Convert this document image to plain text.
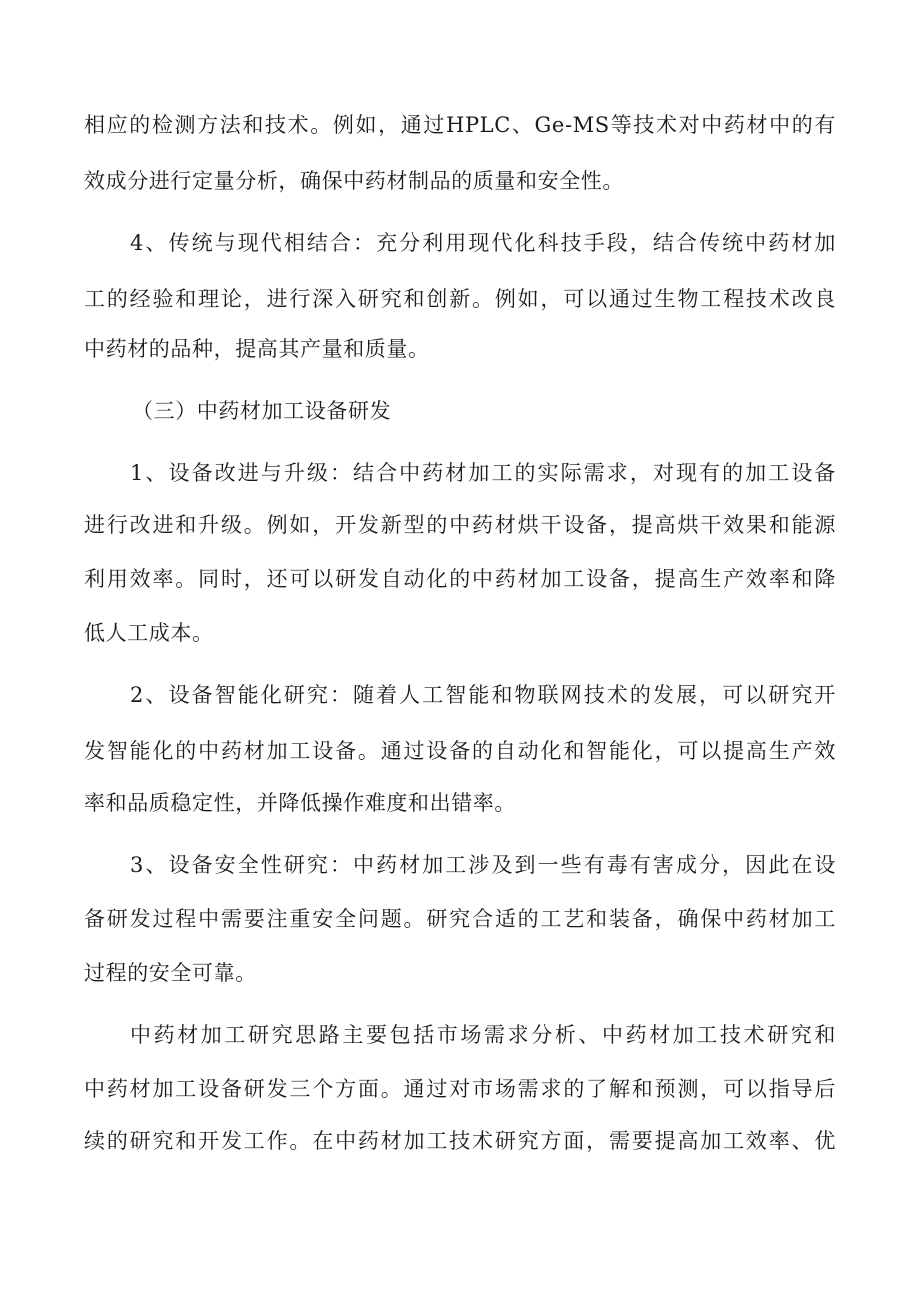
相应的检测方法和技术。例如，通过HPLC、Ge-MS等技术对中药材中的有
效成分进行定量分析，确保中药材制品的质量和安全性。
4、传统与现代相结合：充分利用现代化科技手段，结合传统中药材加
工的经验和理论，进行深入研究和创新。例如，可以通过生物工程技术改良
中药材的品种，提高其产量和质量。
（三）中药材加工设备研发
1、设备改进与升级：结合中药材加工的实际需求，对现有的加工设备
进行改进和升级。例如，开发新型的中药材烘干设备，提高烘干效果和能源
利用效率。同时，还可以研发自动化的中药材加工设备，提高生产效率和降
低人工成本。
2、设备智能化研究：随着人工智能和物联网技术的发展，可以研究开
发智能化的中药材加工设备。通过设备的自动化和智能化，可以提高生产效
率和品质稳定性，并降低操作难度和出错率。
3、设备安全性研究：中药材加工涉及到一些有毒有害成分，因此在设
备研发过程中需要注重安全问题。研究合适的工艺和装备，确保中药材加工
过程的安全可靠。
中药材加工研究思路主要包括市场需求分析、中药材加工技术研究和
中药材加工设备研发三个方面。通过对市场需求的了解和预测，可以指导后
续的研究和开发工作。在中药材加工技术研究方面，需要提高加工效率、优
